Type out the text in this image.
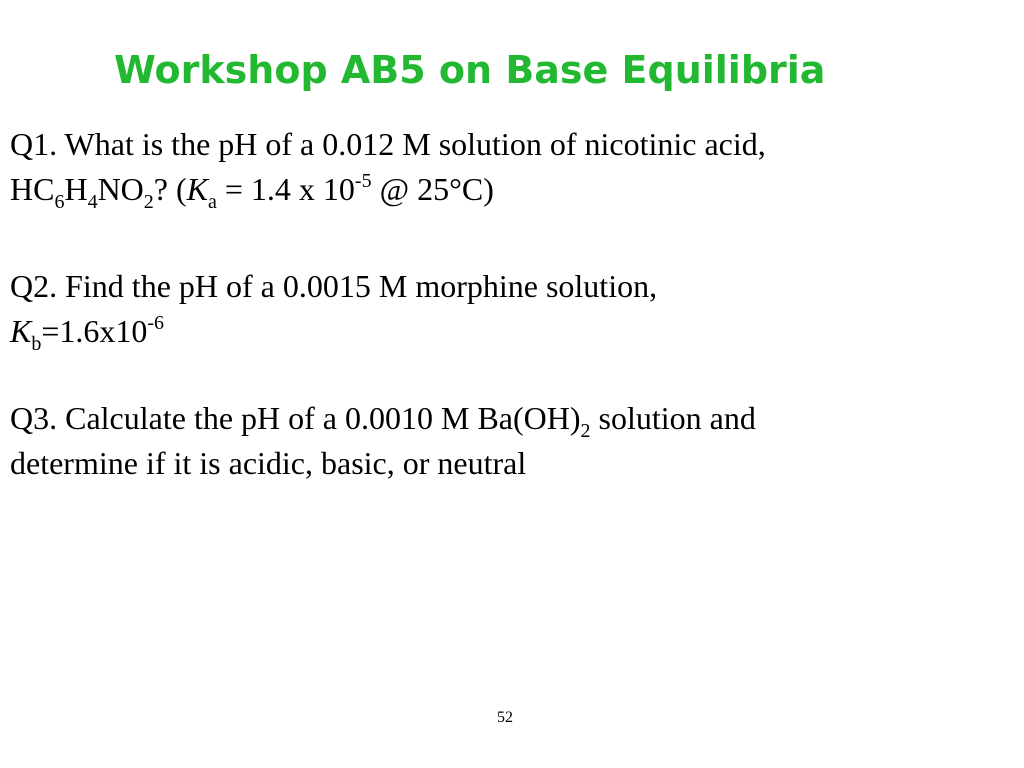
Workshop AB5 on Base Equilibria
Q1. What is the pH of a 0.012 M solution of nicotinic acid,
$HC_6H_4NO_2$? ($K_a = 1.4$ x $10^{-5}$ @ 25°C)
Q2. Find the pH of a 0.0015 M morphine solution,
$K_b=1.6x10^{-6}$
Q3. Calculate the pH of a 0.0010 M $Ba(OH)_2$ solution and
determine if it is acidic, basic, or neutral
52
